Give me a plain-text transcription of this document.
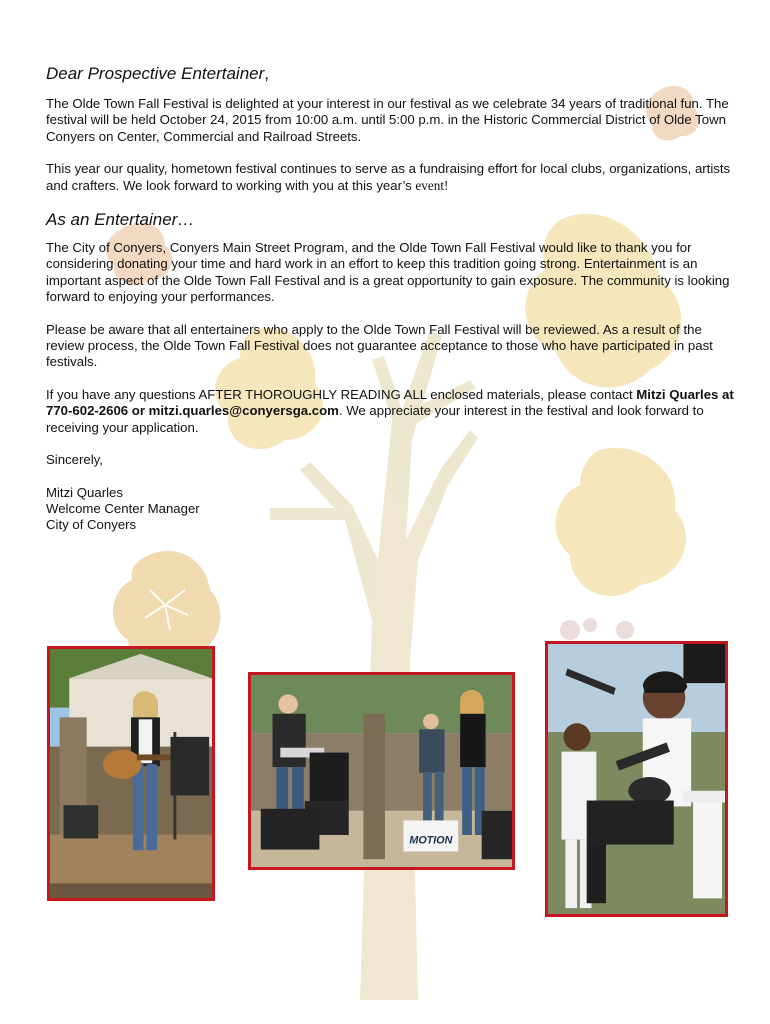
Dear Prospective Entertainer,

The Olde Town Fall Festival is delighted at your interest in our festival as we celebrate 34 years of traditional fun. The festival will be held October 24, 2015 from 10:00 a.m. until 5:00 p.m. in the Historic Commercial District of Olde Town Conyers on Center, Commercial and Railroad Streets.

This year our quality, hometown festival continues to serve as a fundraising effort for local clubs, organizations, artists and crafters. We look forward to working with you at this year’s event!

As an Entertainer…

The City of Conyers, Conyers Main Street Program, and the Olde Town Fall Festival would like to thank you for considering donating your time and hard work in an effort to keep this tradition going strong. Entertainment is an important aspect of the Olde Town Fall Festival and is a great opportunity to gain exposure. The community is looking forward to enjoying your performances.

Please be aware that all entertainers who apply to the Olde Town Fall Festival will be reviewed. As a result of the review process, the Olde Town Fall Festival does not guarantee acceptance to those who have participated in past festivals.

If you have any questions AFTER THOROUGHLY READING ALL enclosed materials, please contact Mitzi Quarles at 770-602-2606 or mitzi.quarles@conyersga.com. We appreciate your interest in the festival and look forward to receiving your application.

Sincerely,

Mitzi Quarles
Welcome Center Manager
City of Conyers

MOTION
